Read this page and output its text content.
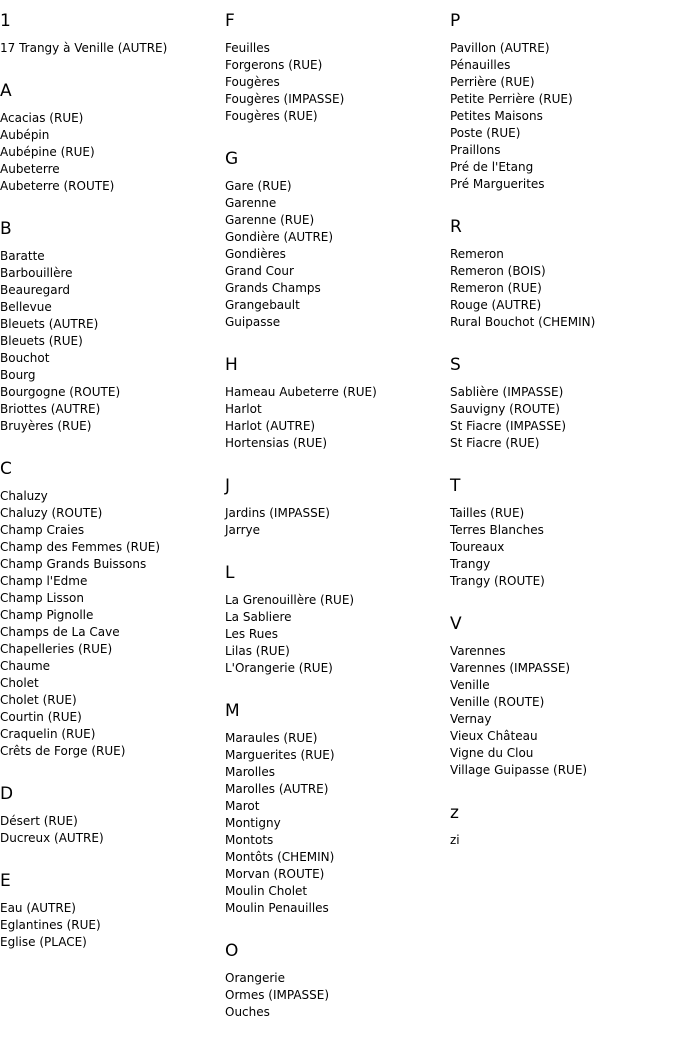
1
17 Trangy à Venille (AUTRE)
A
Acacias (RUE)
Aubépin
Aubépine (RUE)
Aubeterre
Aubeterre (ROUTE)
B
Baratte
Barbouillère
Beauregard
Bellevue
Bleuets (AUTRE)
Bleuets (RUE)
Bouchot
Bourg
Bourgogne (ROUTE)
Briottes (AUTRE)
Bruyères (RUE)
C
Chaluzy
Chaluzy (ROUTE)
Champ Craies
Champ des Femmes (RUE)
Champ Grands Buissons
Champ l'Edme
Champ Lisson
Champ Pignolle
Champs de La Cave
Chapelleries (RUE)
Chaume
Cholet
Cholet (RUE)
Courtin (RUE)
Craquelin (RUE)
Crêts de Forge (RUE)
D
Désert (RUE)
Ducreux (AUTRE)
E
Eau (AUTRE)
Eglantines (RUE)
Eglise (PLACE)
F
Feuilles
Forgerons (RUE)
Fougères
Fougères (IMPASSE)
Fougères (RUE)
G
Gare (RUE)
Garenne
Garenne (RUE)
Gondière (AUTRE)
Gondières
Grand Cour
Grands Champs
Grangebault
Guipasse
H
Hameau Aubeterre (RUE)
Harlot
Harlot (AUTRE)
Hortensias (RUE)
J
Jardins (IMPASSE)
Jarrye
L
La Grenouillère (RUE)
La Sabliere
Les Rues
Lilas (RUE)
L'Orangerie (RUE)
M
Maraules (RUE)
Marguerites (RUE)
Marolles
Marolles (AUTRE)
Marot
Montigny
Montots
Montôts (CHEMIN)
Morvan (ROUTE)
Moulin Cholet
Moulin Penauilles
O
Orangerie
Ormes (IMPASSE)
Ouches
P
Pavillon (AUTRE)
Pénauilles
Perrière (RUE)
Petite Perrière (RUE)
Petites Maisons
Poste (RUE)
Praillons
Pré de l'Etang
Pré Marguerites
R
Remeron
Remeron (BOIS)
Remeron (RUE)
Rouge (AUTRE)
Rural Bouchot (CHEMIN)
S
Sablière (IMPASSE)
Sauvigny (ROUTE)
St Fiacre (IMPASSE)
St Fiacre (RUE)
T
Tailles (RUE)
Terres Blanches
Toureaux
Trangy
Trangy (ROUTE)
V
Varennes
Varennes (IMPASSE)
Venille
Venille (ROUTE)
Vernay
Vieux Château
Vigne du Clou
Village Guipasse (RUE)
z
zi
